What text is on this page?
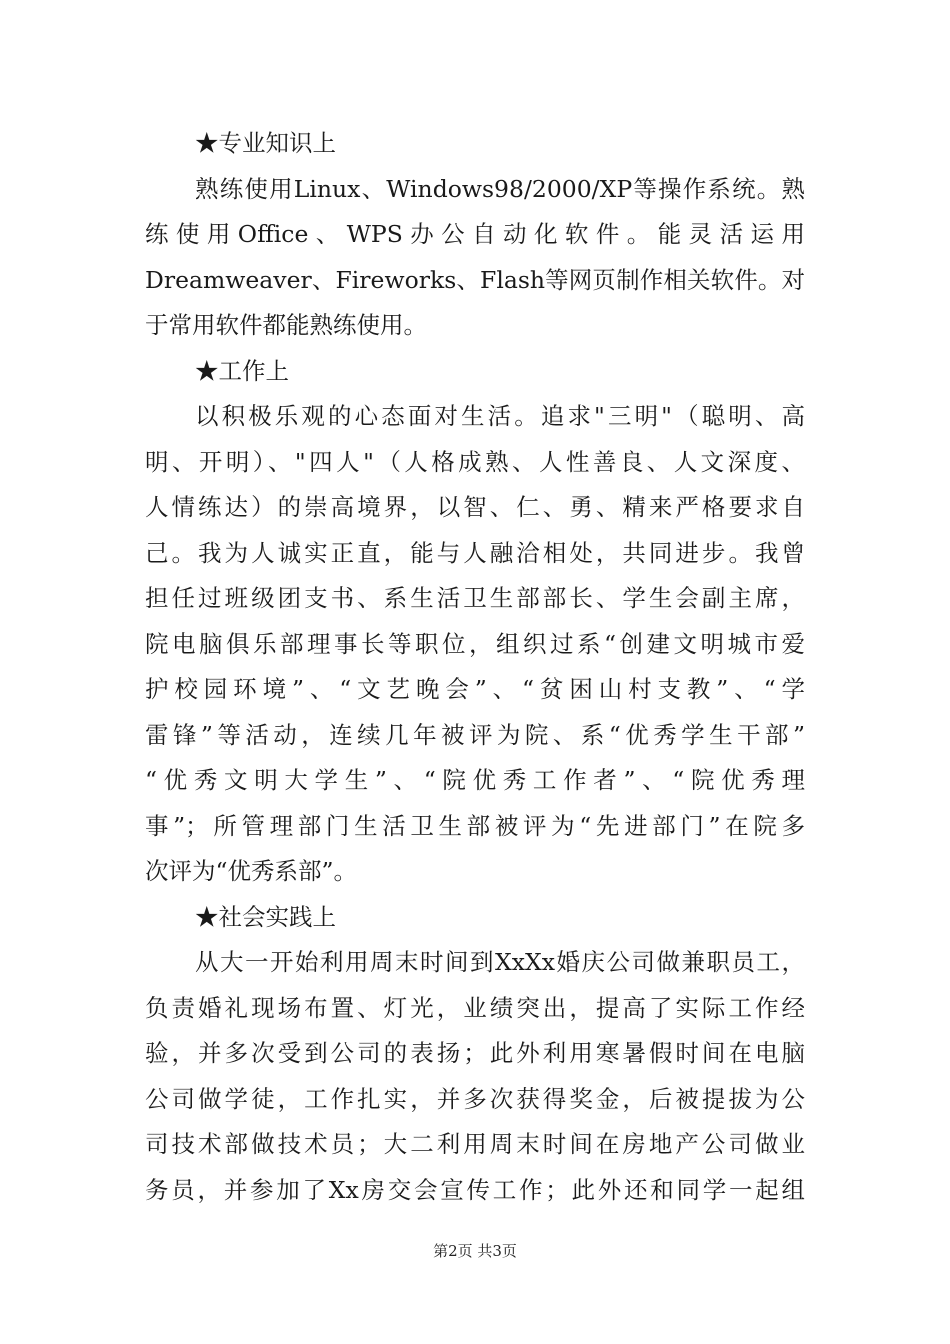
★专业知识上
熟练使用Linux、Windows98/2000/XP等操作系统。熟
练使用Office、WPS办公自动化软件。能灵活运用
Dreamweaver、Fireworks、Flash等网页制作相关软件。对
于常用软件都能熟练使用。
★工作上
以积极乐观的心态面对生活。追求"三明"（聪明、高
明、开明）、"四人"（人格成熟、人性善良、人文深度、
人情练达）的崇高境界，以智、仁、勇、精来严格要求自
己。我为人诚实正直，能与人融洽相处，共同进步。我曾
担任过班级团支书、系生活卫生部部长、学生会副主席，
院电脑俱乐部理事长等职位，组织过系“创建文明城市爱
护校园环境”、“文艺晚会”、“贫困山村支教”、“学
雷锋”等活动，连续几年被评为院、系“优秀学生干部”
“优秀文明大学生”、“院优秀工作者”、“院优秀理
事”；所管理部门生活卫生部被评为“先进部门”在院多
次评为“优秀系部”。
★社会实践上
从大一开始利用周末时间到XxXx婚庆公司做兼职员工，
负责婚礼现场布置、灯光，业绩突出，提高了实际工作经
验，并多次受到公司的表扬；此外利用寒暑假时间在电脑
公司做学徒，工作扎实，并多次获得奖金，后被提拔为公
司技术部做技术员；大二利用周末时间在房地产公司做业
务员，并参加了Xx房交会宣传工作；此外还和同学一起组
第2页 共3页
